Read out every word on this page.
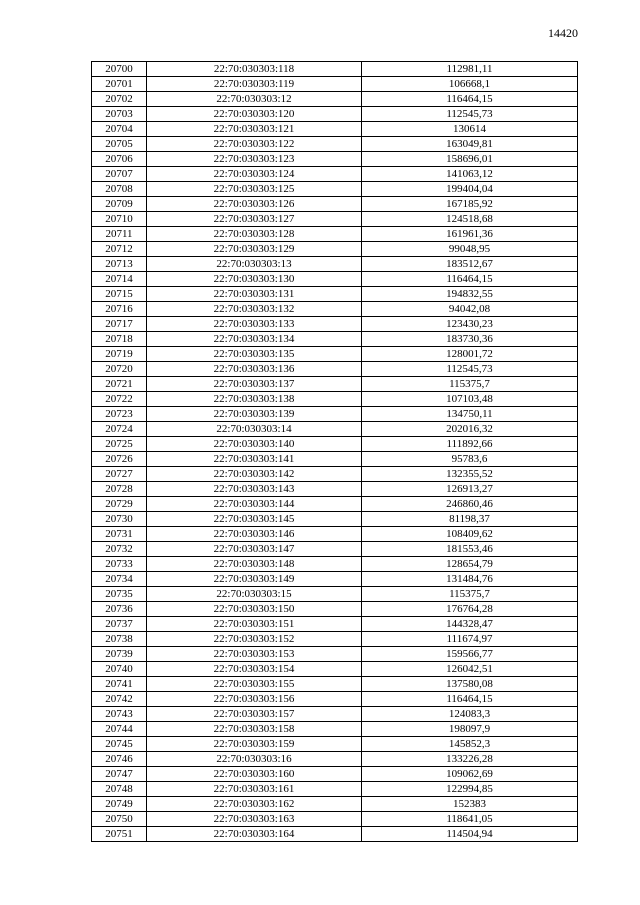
14420
20700	22:70:030303:118	112981,11
20701	22:70:030303:119	106668,1
20702	22:70:030303:12	116464,15
20703	22:70:030303:120	112545,73
20704	22:70:030303:121	130614
20705	22:70:030303:122	163049,81
20706	22:70:030303:123	158696,01
20707	22:70:030303:124	141063,12
20708	22:70:030303:125	199404,04
20709	22:70:030303:126	167185,92
20710	22:70:030303:127	124518,68
20711	22:70:030303:128	161961,36
20712	22:70:030303:129	99048,95
20713	22:70:030303:13	183512,67
20714	22:70:030303:130	116464,15
20715	22:70:030303:131	194832,55
20716	22:70:030303:132	94042,08
20717	22:70:030303:133	123430,23
20718	22:70:030303:134	183730,36
20719	22:70:030303:135	128001,72
20720	22:70:030303:136	112545,73
20721	22:70:030303:137	115375,7
20722	22:70:030303:138	107103,48
20723	22:70:030303:139	134750,11
20724	22:70:030303:14	202016,32
20725	22:70:030303:140	111892,66
20726	22:70:030303:141	95783,6
20727	22:70:030303:142	132355,52
20728	22:70:030303:143	126913,27
20729	22:70:030303:144	246860,46
20730	22:70:030303:145	81198,37
20731	22:70:030303:146	108409,62
20732	22:70:030303:147	181553,46
20733	22:70:030303:148	128654,79
20734	22:70:030303:149	131484,76
20735	22:70:030303:15	115375,7
20736	22:70:030303:150	176764,28
20737	22:70:030303:151	144328,47
20738	22:70:030303:152	111674,97
20739	22:70:030303:153	159566,77
20740	22:70:030303:154	126042,51
20741	22:70:030303:155	137580,08
20742	22:70:030303:156	116464,15
20743	22:70:030303:157	124083,3
20744	22:70:030303:158	198097,9
20745	22:70:030303:159	145852,3
20746	22:70:030303:16	133226,28
20747	22:70:030303:160	109062,69
20748	22:70:030303:161	122994,85
20749	22:70:030303:162	152383
20750	22:70:030303:163	118641,05
20751	22:70:030303:164	114504,94
